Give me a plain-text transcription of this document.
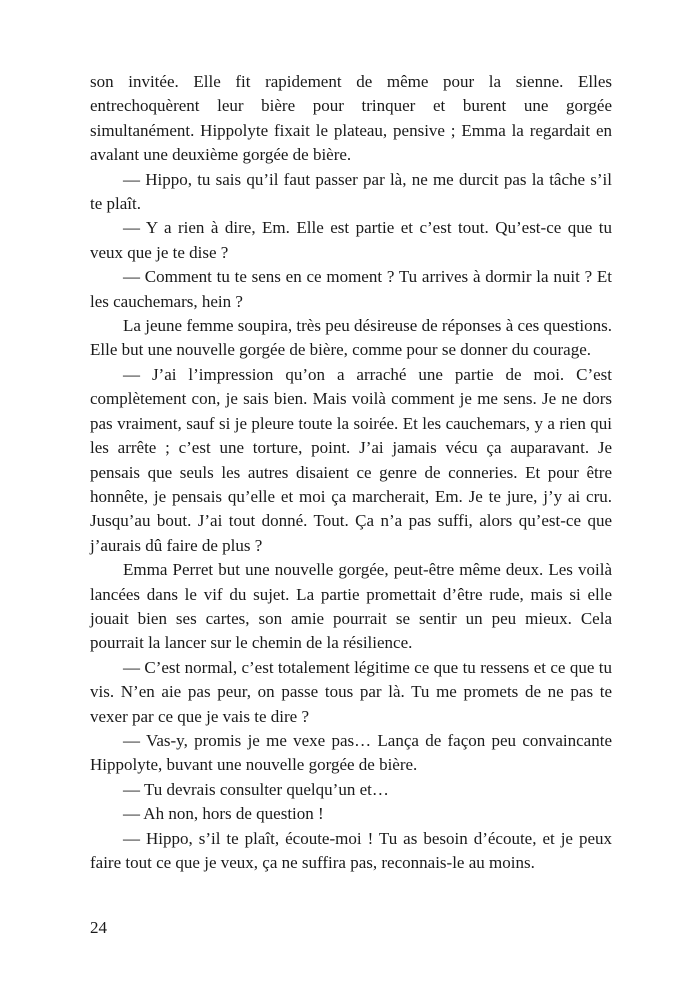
son invitée. Elle fit rapidement de même pour la sienne. Elles entrechoquèrent leur bière pour trinquer et burent une gorgée simultanément. Hippolyte fixait le plateau, pensive ; Emma la regardait en avalant une deuxième gorgée de bière.

— Hippo, tu sais qu’il faut passer par là, ne me durcit pas la tâche s’il te plaît.

— Y a rien à dire, Em. Elle est partie et c’est tout. Qu’est-ce que tu veux que je te dise ?

— Comment tu te sens en ce moment ? Tu arrives à dormir la nuit ? Et les cauchemars, hein ?

La jeune femme soupira, très peu désireuse de réponses à ces questions. Elle but une nouvelle gorgée de bière, comme pour se donner du courage.

— J’ai l’impression qu’on a arraché une partie de moi. C’est complètement con, je sais bien. Mais voilà comment je me sens. Je ne dors pas vraiment, sauf si je pleure toute la soirée. Et les cauchemars, y a rien qui les arrête ; c’est une torture, point. J’ai jamais vécu ça auparavant. Je pensais que seuls les autres disaient ce genre de conneries. Et pour être honnête, je pensais qu’elle et moi ça marcherait, Em. Je te jure, j’y ai cru. Jusqu’au bout. J’ai tout donné. Tout. Ça n’a pas suffi, alors qu’est-ce que j’aurais dû faire de plus ?

Emma Perret but une nouvelle gorgée, peut-être même deux. Les voilà lancées dans le vif du sujet. La partie promettait d’être rude, mais si elle jouait bien ses cartes, son amie pourrait se sentir un peu mieux. Cela pourrait la lancer sur le chemin de la résilience.

— C’est normal, c’est totalement légitime ce que tu ressens et ce que tu vis. N’en aie pas peur, on passe tous par là. Tu me promets de ne pas te vexer par ce que je vais te dire ?

— Vas-y, promis je me vexe pas… Lança de façon peu convaincante Hippolyte, buvant une nouvelle gorgée de bière.

— Tu devrais consulter quelqu’un et…

— Ah non, hors de question !

— Hippo, s’il te plaît, écoute-moi ! Tu as besoin d’écoute, et je peux faire tout ce que je veux, ça ne suffira pas, reconnais-le au moins.

24
